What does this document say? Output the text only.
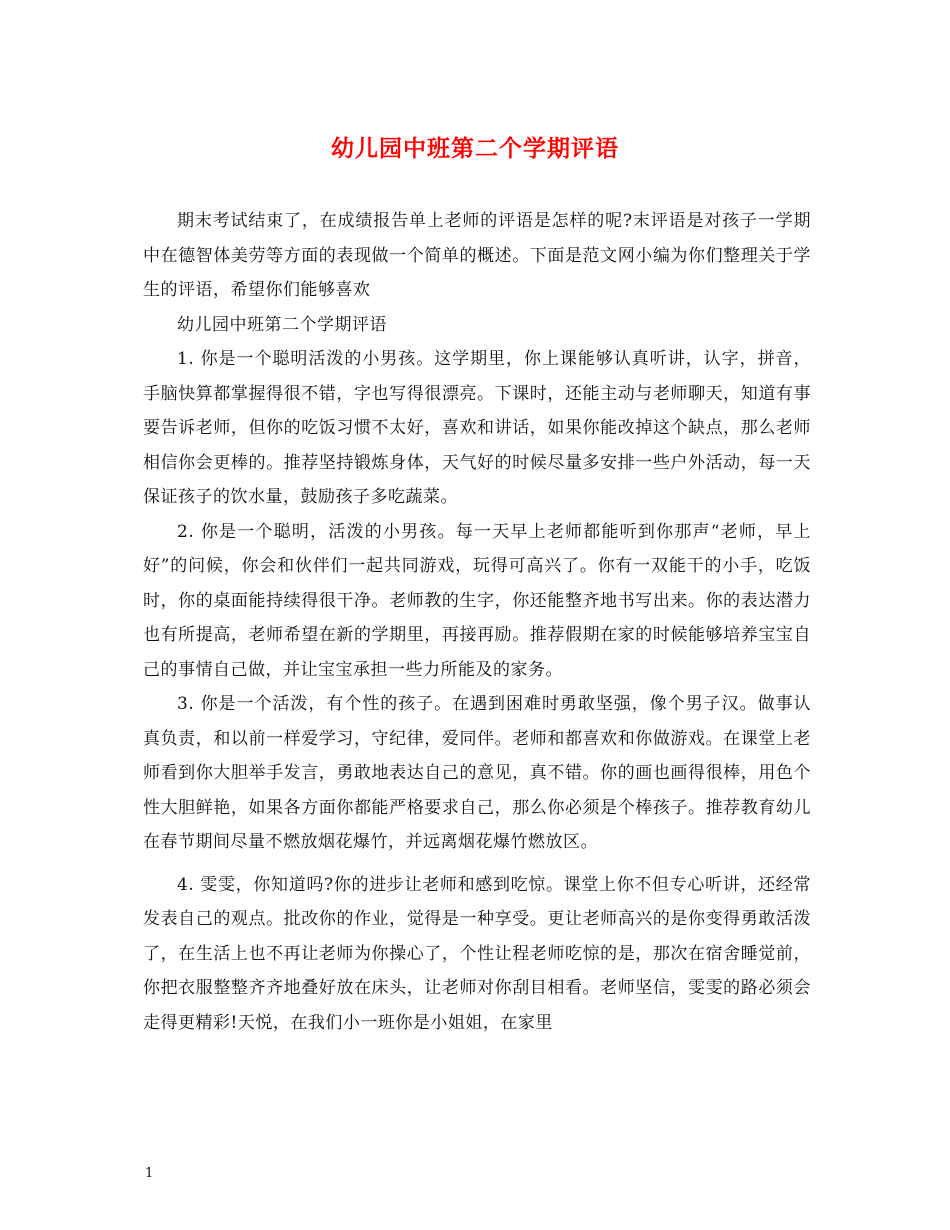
幼儿园中班第二个学期评语

期末考试结束了，在成绩报告单上老师的评语是怎样的呢?末评语是对孩子一学期中在德智体美劳等方面的表现做一个简单的概述。下面是范文网小编为你们整理关于学生的评语，希望你们能够喜欢

幼儿园中班第二个学期评语

1. 你是一个聪明活泼的小男孩。这学期里，你上课能够认真听讲，认字，拼音，手脑快算都掌握得很不错，字也写得很漂亮。下课时，还能主动与老师聊天，知道有事要告诉老师，但你的吃饭习惯不太好，喜欢和讲话，如果你能改掉这个缺点，那么老师相信你会更棒的。推荐坚持锻炼身体，天气好的时候尽量多安排一些户外活动，每一天保证孩子的饮水量，鼓励孩子多吃蔬菜。

2. 你是一个聪明，活泼的小男孩。每一天早上老师都能听到你那声“老师，早上好”的问候，你会和伙伴们一起共同游戏，玩得可高兴了。你有一双能干的小手，吃饭时，你的桌面能持续得很干净。老师教的生字，你还能整齐地书写出来。你的表达潜力也有所提高，老师希望在新的学期里，再接再励。推荐假期在家的时候能够培养宝宝自己的事情自己做，并让宝宝承担一些力所能及的家务。

3. 你是一个活泼，有个性的孩子。在遇到困难时勇敢坚强，像个男子汉。做事认真负责，和以前一样爱学习，守纪律，爱同伴。老师和都喜欢和你做游戏。在课堂上老师看到你大胆举手发言，勇敢地表达自己的意见，真不错。你的画也画得很棒，用色个性大胆鲜艳，如果各方面你都能严格要求自己，那么你必须是个棒孩子。推荐教育幼儿在春节期间尽量不燃放烟花爆竹，并远离烟花爆竹燃放区。

4. 雯雯，你知道吗?你的进步让老师和感到吃惊。课堂上你不但专心听讲，还经常发表自己的观点。批改你的作业，觉得是一种享受。更让老师高兴的是你变得勇敢活泼了，在生活上也不再让老师为你操心了，个性让程老师吃惊的是，那次在宿舍睡觉前，你把衣服整整齐齐地叠好放在床头，让老师对你刮目相看。老师坚信，雯雯的路必须会走得更精彩!天悦，在我们小一班你是小姐姐，在家里

1
